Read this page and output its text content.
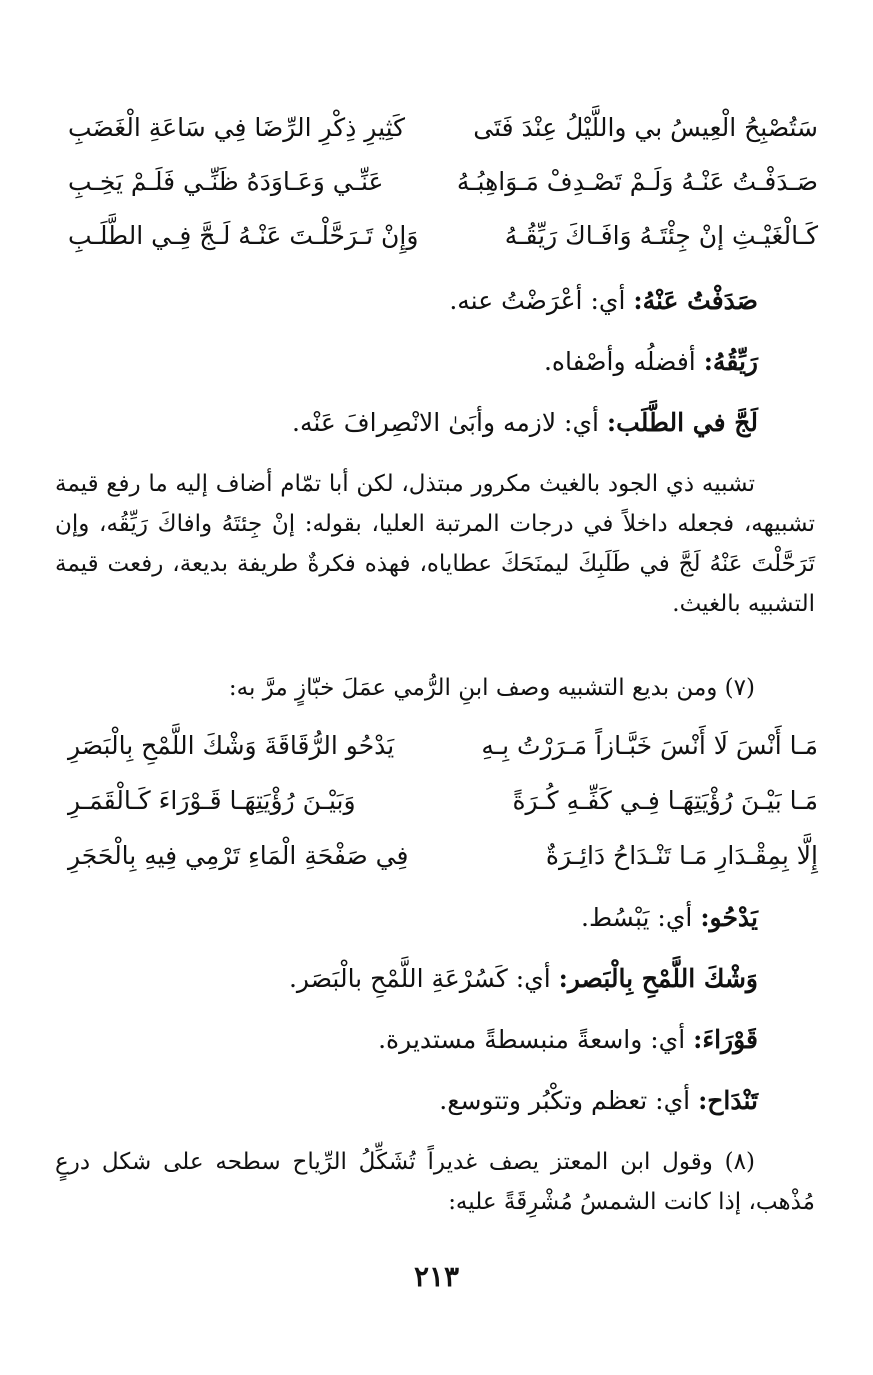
سَتُصْبِحُ الْعِيسُ بي واللَّيْلُ عِنْدَ فَتَى
كَثِيرِ ذِكْرِ الرِّضَا فِي سَاعَةِ الْغَضَبِ
صَـدَفْـتُ عَنْـهُ وَلَـمْ تَصْـدِفْ مَـوَاهِبُـهُ
عَنِّـي وَعَـاوَدَهُ ظَنِّـي فَلَـمْ يَخِـبِ
كَـالْغَيْـثِ إنْ جِئْتَـهُ وَافَـاكَ رَيِّقُـهُ
وَإِنْ تَـرَحَّلْـتَ عَنْـهُ لَـجَّ فِـي الطَّلَـبِ
صَدَفْتُ عَنْهُ: أي: أعْرَضْتُ عنه.
رَيِّقُهُ: أفضلُه وأصْفاه.
لَجَّ في الطَّلَب: أي: لازمه وأبَىٰ الانْصِرافَ عَنْه.
تشبيه ذي الجود بالغيث مكرور مبتذل، لكن أبا تمّام أضاف إليه ما رفع قيمة تشبيهه، فجعله داخلاً في درجات المرتبة العليا، بقوله: إنْ جِئتَهُ وافاكَ رَيِّقُه، وإن تَرَحَّلْتَ عَنْهُ لَجَّ في طَلَبِكَ ليمنَحَكَ عطاياه، فهذه فكرةٌ طريفة بديعة، رفعت قيمة التشبيه بالغيث.
(٧) ومن بديع التشبيه وصف ابنِ الرُّمي عمَلَ خبّازٍ مرَّ به:
مَـا أَنْسَ لَا أَنْسَ خَبَّـازاً مَـرَرْتُ بِـهِ
يَدْحُو الرُّقَاقَةَ وَشْكَ اللَّمْحِ بِالْبَصَرِ
مَـا بَيْـنَ رُؤْيَتِهَـا فِـي كَفِّـهِ كُـرَةً
وَبَيْـنَ رُؤْيَتِهَـا قَـوْرَاءَ كَـالْقَمَـرِ
إِلَّا بِمِقْـدَارِ مَـا تَنْـدَاحُ دَائِـرَةٌ
فِي صَفْحَةِ الْمَاءِ تَرْمِي فِيهِ بِالْحَجَرِ
يَدْحُو: أي: يَبْسُط.
وَشْكَ اللَّمْحِ بِالْبَصر: أي: كَسُرْعَةِ اللَّمْحِ بالْبَصَر.
قَوْرَاءَ: أي: واسعةً منبسطةً مستديرة.
تَنْدَاح: أي: تعظم وتكْبُر وتتوسع.
(٨) وقول ابن المعتز يصف غديراً تُشَكِّلُ الرِّياح سطحه على شكل درعٍ مُذْهب، إذا كانت الشمسُ مُشْرِقَةً عليه:
٢١٣
